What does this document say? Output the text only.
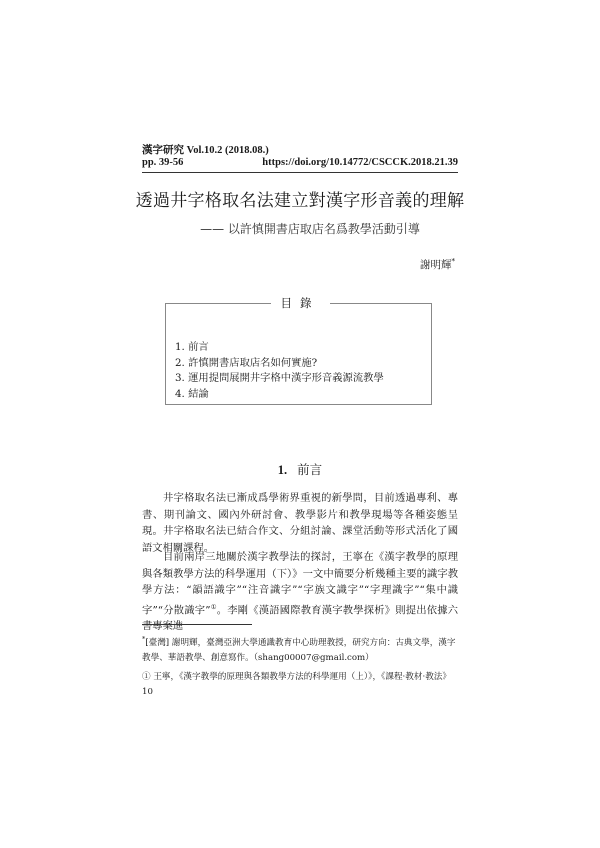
漢字研究 Vol.10.2 (2018.08.)
pp. 39-56	https://doi.org/10.14772/CSCCK.2018.21.39
透過井字格取名法建立對漢字形音義的理解
—— 以許慎開書店取店名爲教學活動引導
謝明輝*
目錄
1. 前言
2. 許慎開書店取店名如何實施?
3. 運用提問展開井字格中漢字形音義源流教學
4. 結論
1. 前言
井字格取名法已漸成爲學術界重視的新學問，目前透過專利、專書、期刊論文、國內外研討會、教學影片和教學現場等各種姿態呈現。井字格取名法已結合作文、分組討論、課堂活動等形式活化了國語文相關課程。
目前兩岸三地關於漢字教學法的探討，王寧在《漢字教學的原理與各類教學方法的科學運用（下）》一文中簡要分析幾種主要的識字教學方法：“韻語識字”“注音識字”“字族文識字”“字理識字”“集中識字”“分散識字”①。李剛《漢語國際教育漢字教學探析》則提出依據六書專案進
*[臺灣] 謝明輝，臺灣亞洲大學通識教育中心助理教授，研究方向：古典文學，漢字教學、華語教學、創意寫作。（shang00007@gmail.com）
① 王寧，《漢字教學的原理與各類教學方法的科學運用（上）》，《課程·教材·教法》10
